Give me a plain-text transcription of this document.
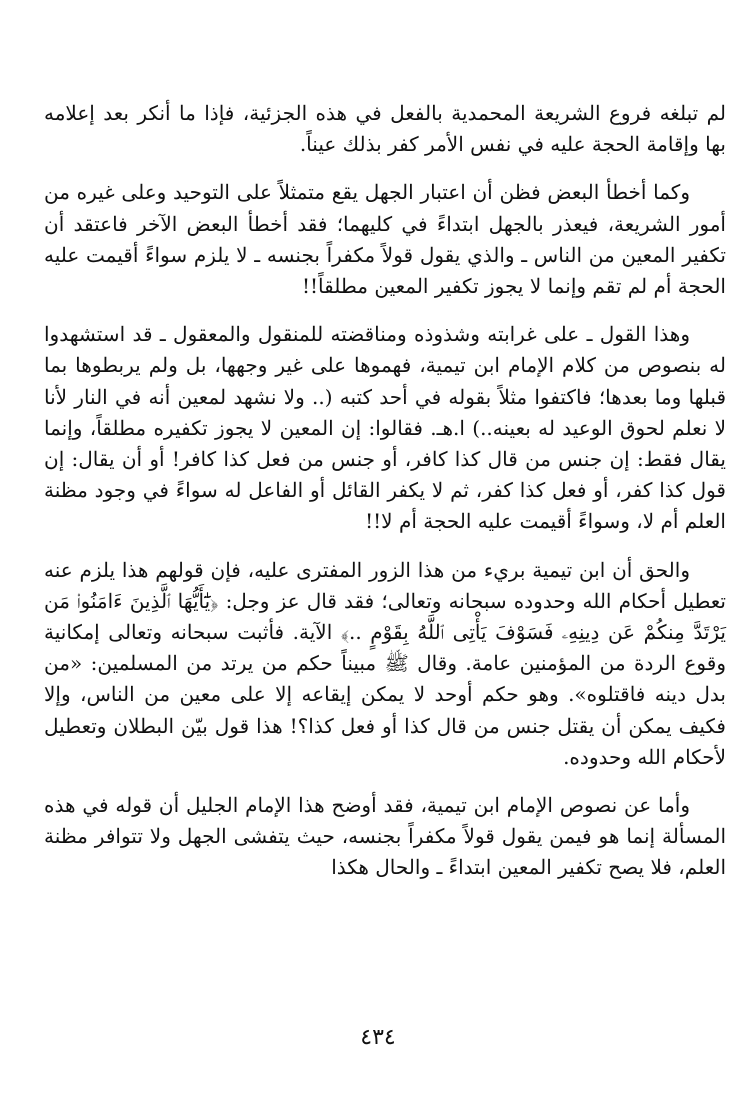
لم تبلغه فروع الشريعة المحمدية بالفعل في هذه الجزئية، فإذا ما أنكر بعد إعلامه بها وإقامة الحجة عليه في نفس الأمر كفر بذلك عيناً.

وكما أخطأ البعض فظن أن اعتبار الجهل يقع متمثلاً على التوحيد وعلى غيره من أمور الشريعة، فيعذر بالجهل ابتداءً في كليهما؛ فقد أخطأ البعض الآخر فاعتقد أن تكفير المعين من الناس ـ والذي يقول قولاً مكفراً بجنسه ـ لا يلزم سواءً أقيمت عليه الحجة أم لم تقم وإنما لا يجوز تكفير المعين مطلقاً!!

وهذا القول ـ على غرابته وشذوذه ومناقضته للمنقول والمعقول ـ قد استشهدوا له بنصوص من كلام الإمام ابن تيمية، فهموها على غير وجهها، بل ولم يربطوها بما قبلها وما بعدها؛ فاكتفوا مثلاً بقوله في أحد كتبه (.. ولا نشهد لمعين أنه في النار لأنا لا نعلم لحوق الوعيد له بعينه..) ا.هـ. فقالوا: إن المعين لا يجوز تكفيره مطلقاً، وإنما يقال فقط: إن جنس من قال كذا كافر، أو جنس من فعل كذا كافر! أو أن يقال: إن قول كذا كفر، أو فعل كذا كفر، ثم لا يكفر القائل أو الفاعل له سواءً في وجود مظنة العلم أم لا، وسواءً أقيمت عليه الحجة أم لا!!

والحق أن ابن تيمية بريء من هذا الزور المفترى عليه، فإن قولهم هذا يلزم عنه تعطيل أحكام الله وحدوده سبحانه وتعالى؛ فقد قال عز وجل: ﴿يَٰٓأَيُّهَا ٱلَّذِينَ ءَامَنُوا۟ مَن يَرْتَدَّ مِنكُمْ عَن دِينِهِۦ فَسَوْفَ يَأْتِى ٱللَّهُ بِقَوْمٍ ..﴾ الآية. فأثبت سبحانه وتعالى إمكانية وقوع الردة من المؤمنين عامة. وقال ﷺ مبيناً حكم من يرتد من المسلمين: «من بدل دينه فاقتلوه». وهو حكم أوحد لا يمكن إيقاعه إلا على معين من الناس، وإلا فكيف يمكن أن يقتل جنس من قال كذا أو فعل كذا؟! هذا قول بيّن البطلان وتعطيل لأحكام الله وحدوده.

وأما عن نصوص الإمام ابن تيمية، فقد أوضح هذا الإمام الجليل أن قوله في هذه المسألة إنما هو فيمن يقول قولاً مكفراً بجنسه، حيث يتفشى الجهل ولا تتوافر مظنة العلم، فلا يصح تكفير المعين ابتداءً ـ والحال هكذا

٤٣٤
